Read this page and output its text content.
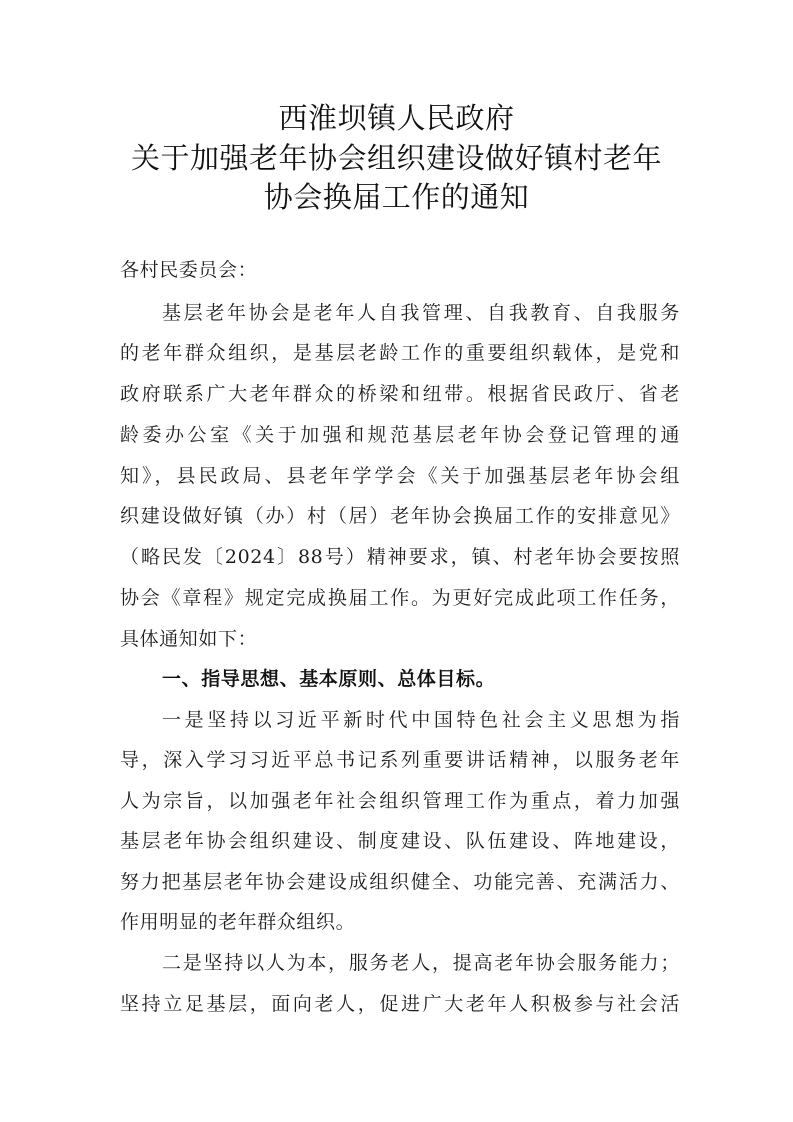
西淮坝镇人民政府
关于加强老年协会组织建设做好镇村老年
协会换届工作的通知
各村民委员会：
基层老年协会是老年人自我管理、自我教育、自我服务
的老年群众组织，是基层老龄工作的重要组织载体，是党和
政府联系广大老年群众的桥梁和纽带。根据省民政厅、省老
龄委办公室《关于加强和规范基层老年协会登记管理的通
知》，县民政局、县老年学学会《关于加强基层老年协会组
织建设做好镇（办）村（居）老年协会换届工作的安排意见》
（略民发〔2024〕88号）精神要求，镇、村老年协会要按照
协会《章程》规定完成换届工作。为更好完成此项工作任务，
具体通知如下：
一、指导思想、基本原则、总体目标。
一是坚持以习近平新时代中国特色社会主义思想为指
导，深入学习习近平总书记系列重要讲话精神，以服务老年
人为宗旨，以加强老年社会组织管理工作为重点，着力加强
基层老年协会组织建设、制度建设、队伍建设、阵地建设，
努力把基层老年协会建设成组织健全、功能完善、充满活力、
作用明显的老年群众组织。
二是坚持以人为本，服务老人，提高老年协会服务能力；
坚持立足基层，面向老人，促进广大老年人积极参与社会活
